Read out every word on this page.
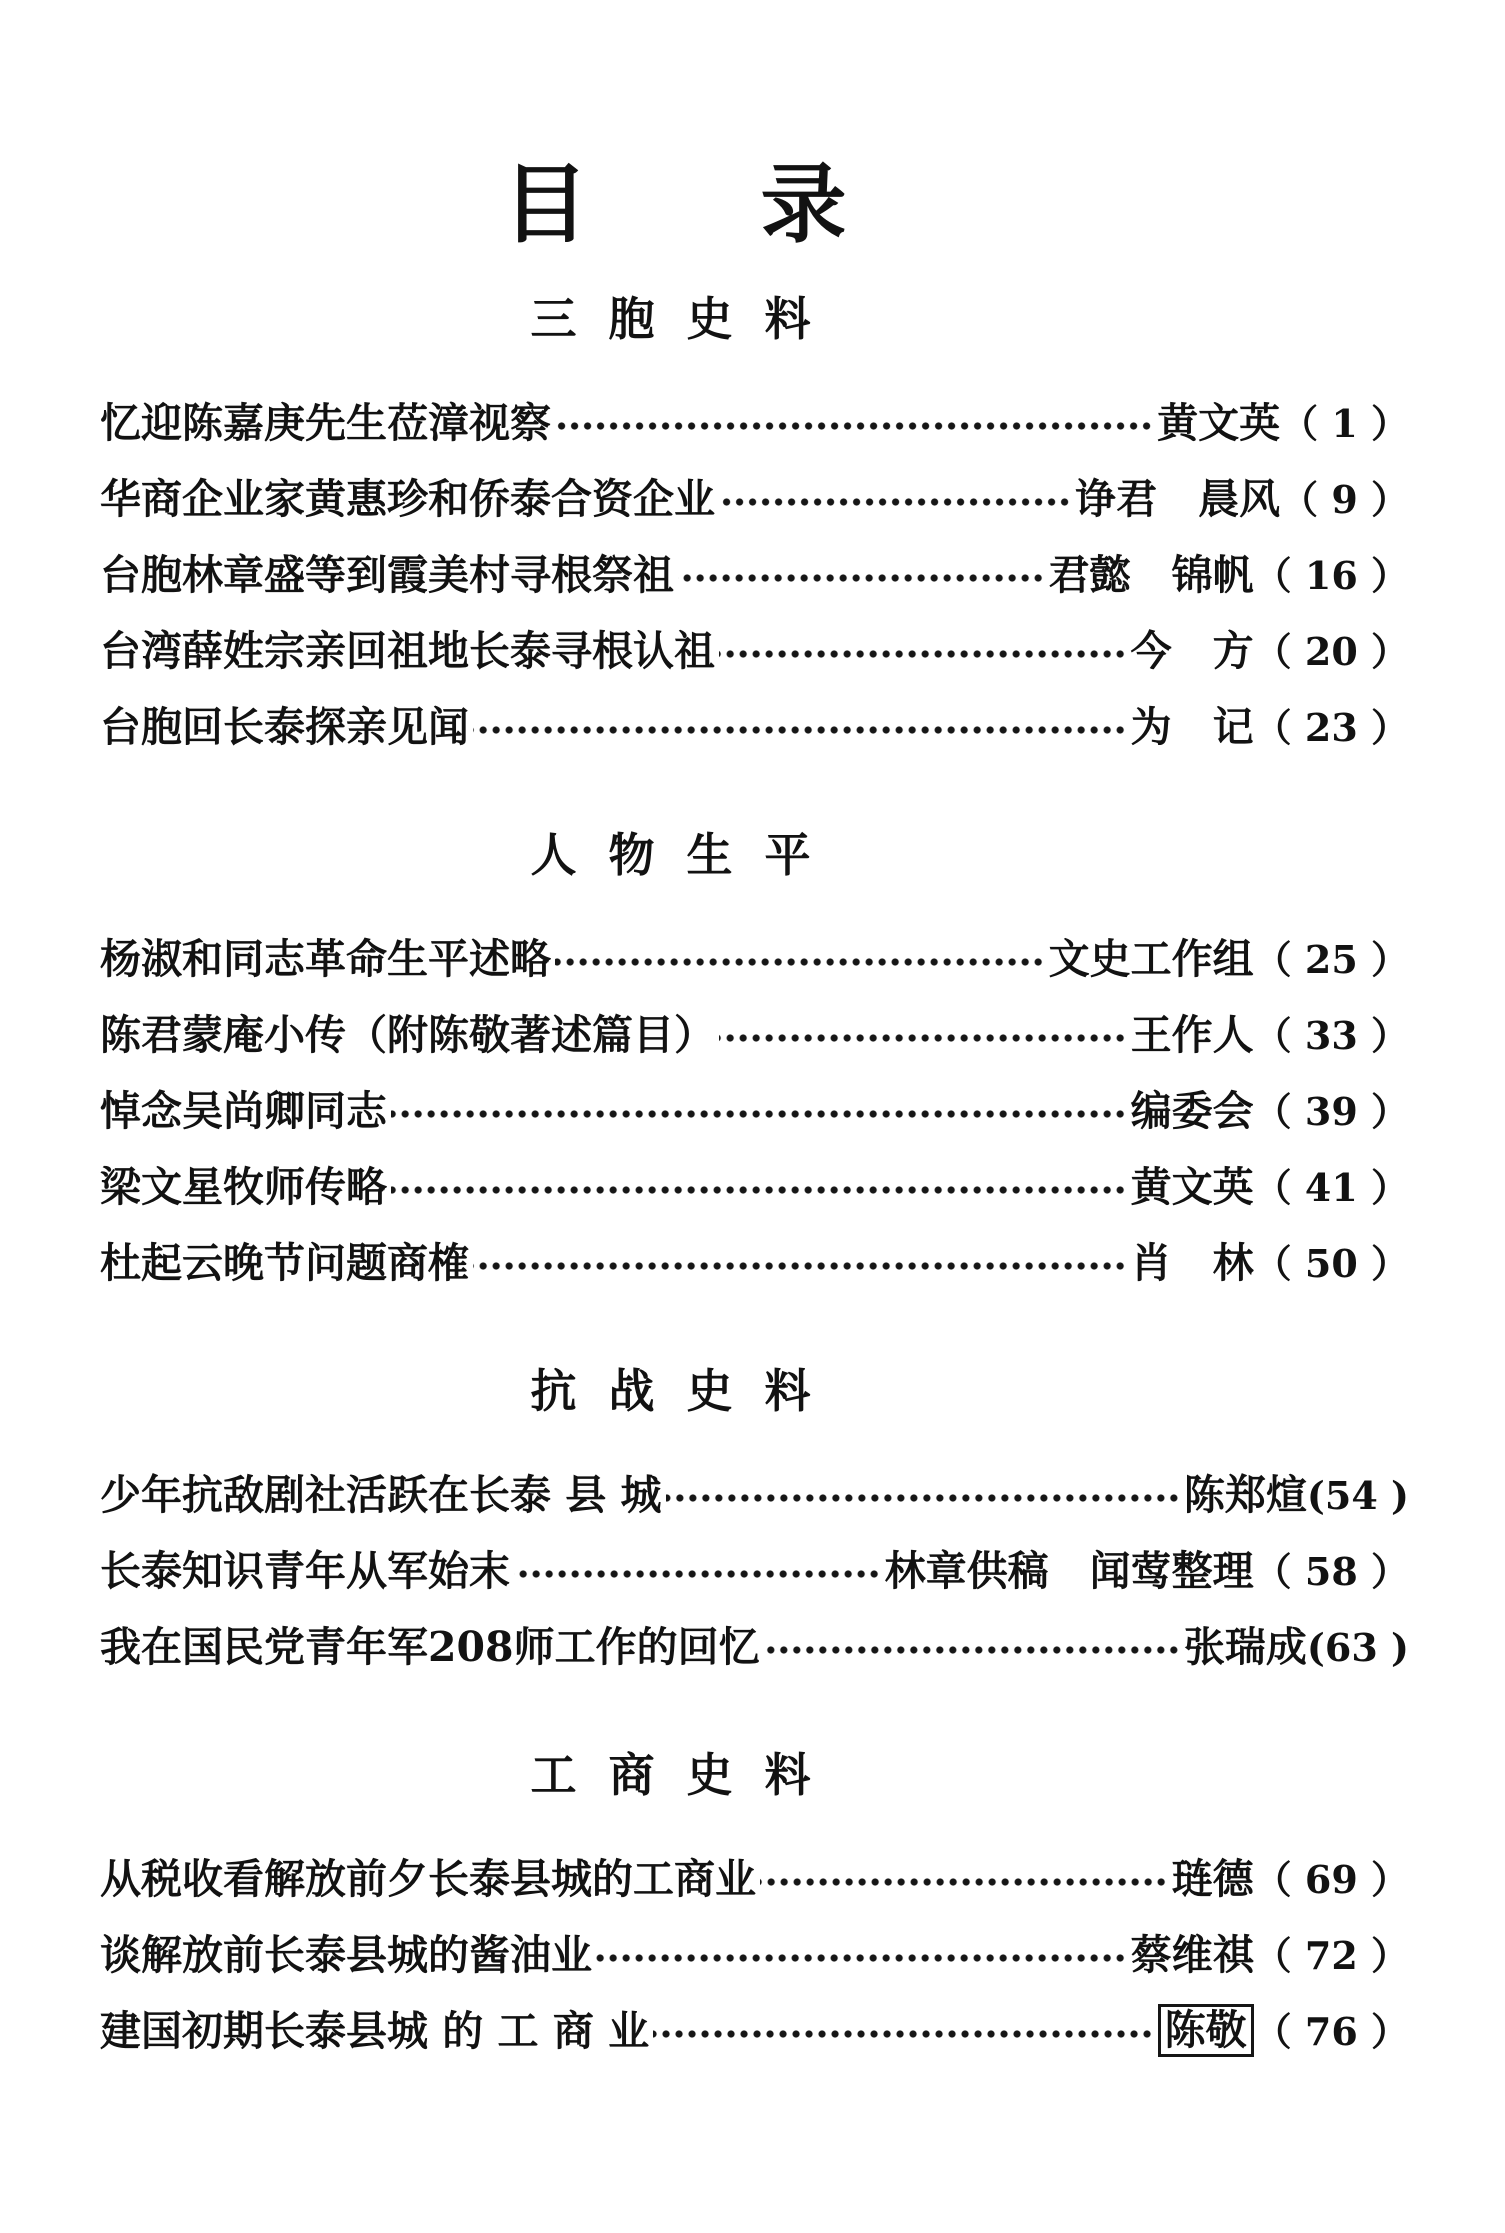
目　　录
三 胞 史 料
忆迎陈嘉庚先生莅漳视察	黄文英 （ 1 ）
华商企业家黄惠珍和侨泰合资企业	诤君　晨风 （ 9 ）
台胞林章盛等到霞美村寻根祭祖	君懿　锦帆 （ 16 ）
台湾薛姓宗亲回祖地长泰寻根认祖	今　方 （ 20 ）
台胞回长泰探亲见闻	为　记 （ 23 ）
人 物 生 平
杨淑和同志革命生平述略	文史工作组 （ 25 ）
陈君蒙庵小传（附陈敬著述篇目）	王作人 （ 33 ）
悼念吴尚卿同志	编委会 （ 39 ）
梁文星牧师传略	黄文英 （ 41 ）
杜起云晚节问题商榷	肖　林 （ 50 ）
抗 战 史 料
少年抗敌剧社活跃在长泰 县 城	陈郑煊 (54 )
长泰知识青年从军始末	林章供稿　闻莺整理 （ 58 ）
我在国民党青年军208师工作的回忆	张瑞成 (63 )
工 商 史 料
从税收看解放前夕长泰县城的工商业	琏德 （ 69 ）
谈解放前长泰县城的酱油业	蔡维祺 （ 72 ）
建国初期长泰县城 的 工 商 业	陈敬 （ 76 ）
